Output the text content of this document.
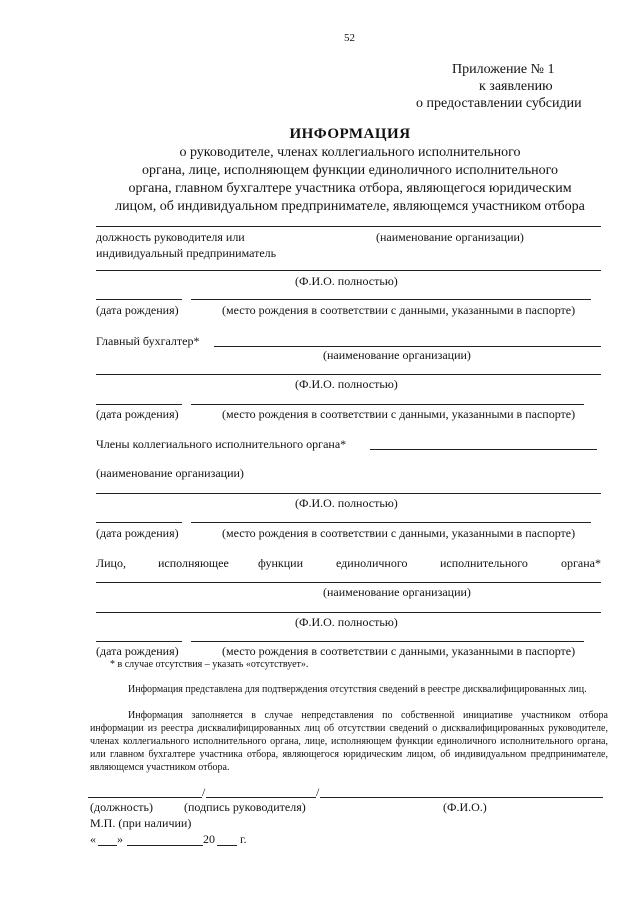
52
Приложение № 1
к заявлению
о предоставлении субсидии
ИНФОРМАЦИЯ
о руководителе, членах коллегиального исполнительного
органа, лице, исполняющем функции единоличного исполнительного
органа, главном бухгалтере участника отбора, являющегося юридическим
лицом, об индивидуальном предпринимателе, являющемся участником отбора
должность руководителя или	(наименование организации)
индивидуальный предприниматель
(Ф.И.О. полностью)
(дата рождения)	(место рождения в соответствии с данными, указанными в паспорте)
Главный бухгалтер*
(наименование организации)
(Ф.И.О. полностью)
(дата рождения)	(место рождения в соответствии с данными, указанными в паспорте)
Члены коллегиального исполнительного органа*
(наименование организации)
(Ф.И.О. полностью)
(дата рождения)	(место рождения в соответствии с данными, указанными в паспорте)
Лицо,	исполняющее функции	единоличного	исполнительного	органа*
(наименование организации)
(Ф.И.О. полностью)
(дата рождения)	(место рождения в соответствии с данными, указанными в паспорте)
* в случае отсутствия – указать «отсутствует».
Информация представлена для подтверждения отсутствия сведений в реестре дисквалифицированных лиц.
Информация заполняется в случае непредставления по собственной инициативе участником отбора информации из реестра дисквалифицированных лиц об отсутствии сведений о дисквалифицированных руководителе, членах коллегиального исполнительного органа, лице, исполняющем функции единоличного исполнительного органа, или главном бухгалтере участника отбора, являющегося юридическим лицом, об индивидуальном предпринимателе, являющемся участником отбора.
/	/
(должность)	(подпись руководителя)	(Ф.И.О.)
М.П. (при наличии)
« »	20 г.
